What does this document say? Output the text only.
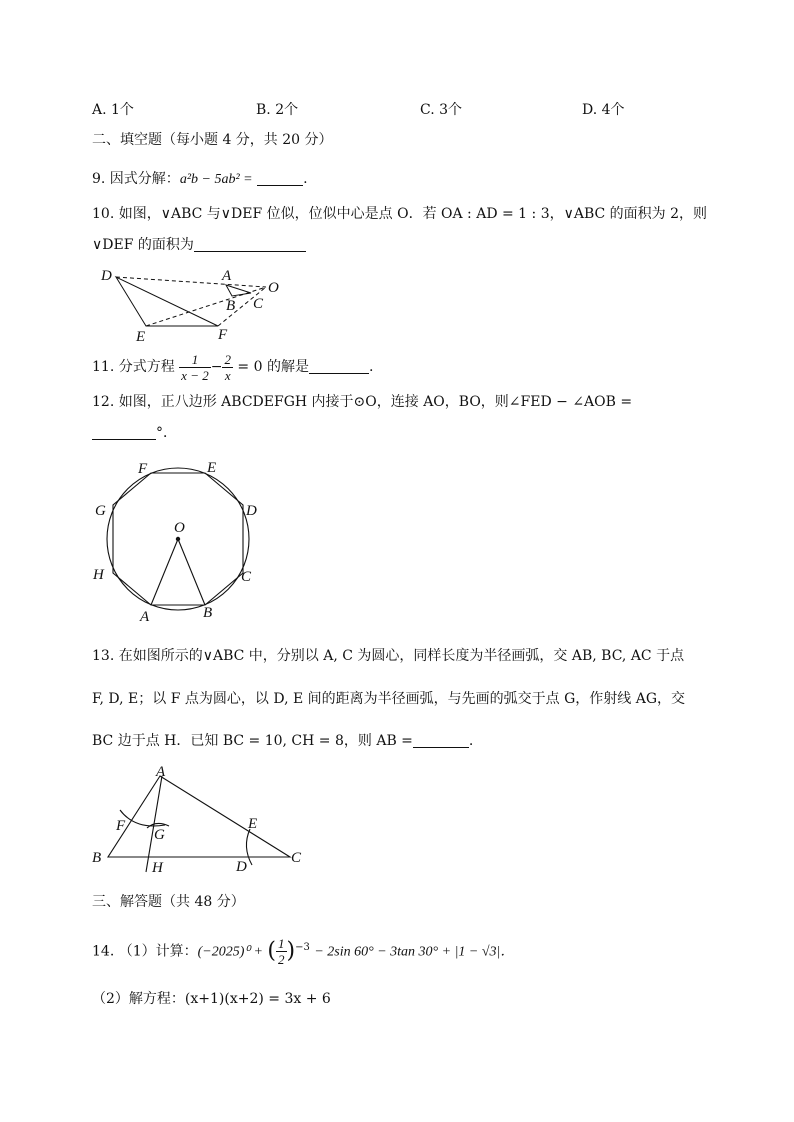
A. 1个	B. 2个	C. 3个	D. 4个
二、填空题（每小题 4 分，共 20 分）
9. 因式分解：a²b − 5ab² =	.
10. 如图，∨ABC 与∨DEF 位似，位似中心是点 O．若 OA : AD = 1 : 3，∨ABC 的面积为 2，则
∨DEF 的面积为
D	A
O
B C
E	F
11. 分式方程 $\frac{1}{x - 2} - \frac{2}{x} = 0$ 的解是	.
12. 如图，正八边形 ABCDEFGH 内接于⊙O，连接 AO，BO，则∠FED − ∠AOB =
°．
F	E
G	D
O
H	C
A	B
13. 在如图所示的∨ABC 中，分别以 A, C 为圆心，同样长度为半径画弧，交 AB, BC, AC 于点
F, D, E；以 F 点为圆心，以 D, E 间的距离为半径画弧，与先画的弧交于点 G，作射线 AG，交
BC 边于点 H．已知 BC = 10, CH = 8，则 AB =	.
A
F
G
E
B
H	D
C
三、解答题（共 48 分）
14. （1）计算：(−2025)⁰ + ( $\frac{1}{2} )^{-3} - 2\sin$ 60° − 3tan 30° + |1 − √3|．
（2）解方程：(x+1)(x+2) = 3x + 6
